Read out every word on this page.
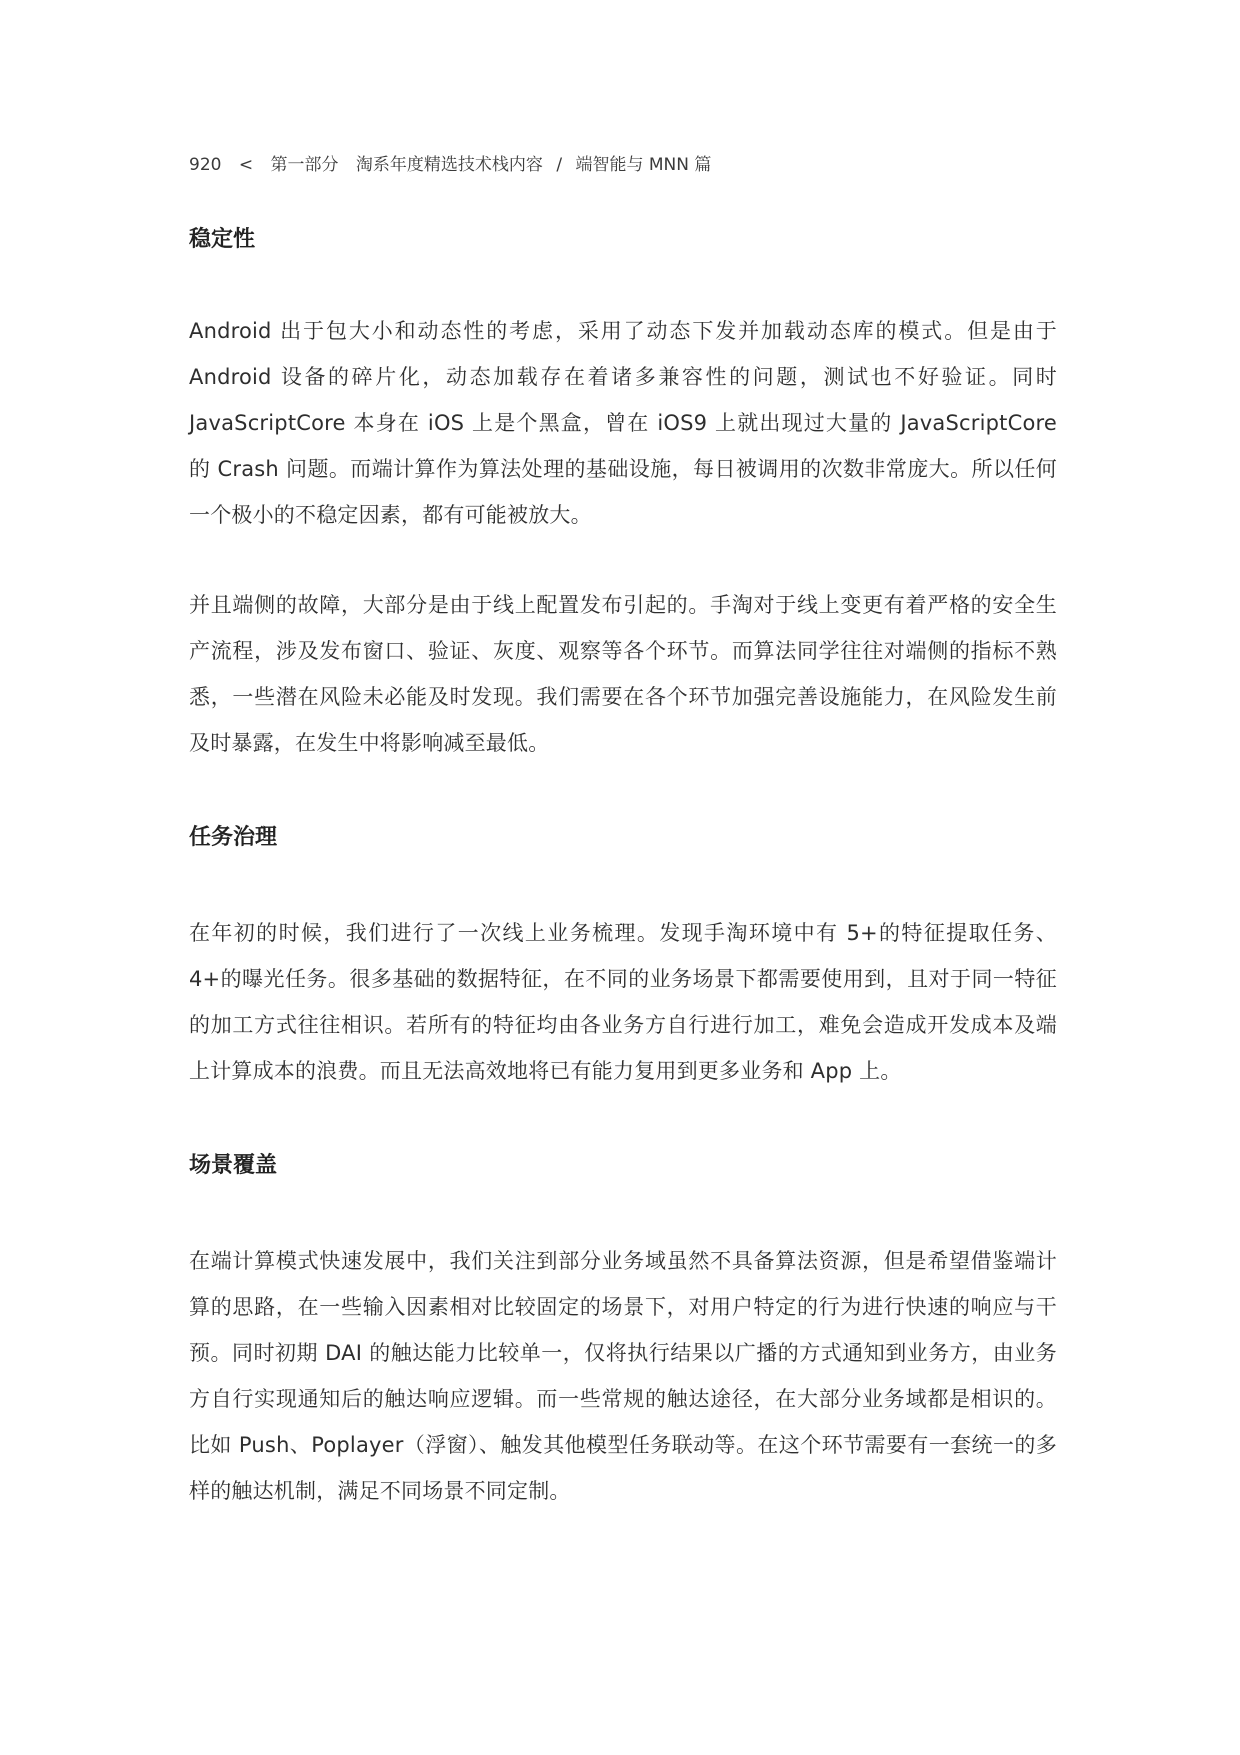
920 < 第一部分 淘系年度精选技术栈内容 / 端智能与 MNN 篇
稳定性

Android 出于包大小和动态性的考虑，采用了动态下发并加载动态库的模式。但是由于 Android 设备的碎片化，动态加载存在着诸多兼容性的问题，测试也不好验证。同时 JavaScriptCore 本身在 iOS 上是个黑盒，曾在 iOS9 上就出现过大量的 JavaScriptCore 的 Crash 问题。而端计算作为算法处理的基础设施，每日被调用的次数非常庞大。所以任何一个极小的不稳定因素，都有可能被放大。

并且端侧的故障，大部分是由于线上配置发布引起的。手淘对于线上变更有着严格的安全生产流程，涉及发布窗口、验证、灰度、观察等各个环节。而算法同学往往对端侧的指标不熟悉，一些潜在风险未必能及时发现。我们需要在各个环节加强完善设施能力，在风险发生前及时暴露，在发生中将影响减至最低。

任务治理

在年初的时候，我们进行了一次线上业务梳理。发现手淘环境中有 5+的特征提取任务、4+的曝光任务。很多基础的数据特征，在不同的业务场景下都需要使用到，且对于同一特征的加工方式往往相识。若所有的特征均由各业务方自行进行加工，难免会造成开发成本及端上计算成本的浪费。而且无法高效地将已有能力复用到更多业务和 App 上。

场景覆盖

在端计算模式快速发展中，我们关注到部分业务域虽然不具备算法资源，但是希望借鉴端计算的思路，在一些输入因素相对比较固定的场景下，对用户特定的行为进行快速的响应与干预。同时初期 DAI 的触达能力比较单一，仅将执行结果以广播的方式通知到业务方，由业务方自行实现通知后的触达响应逻辑。而一些常规的触达途径，在大部分业务域都是相识的。比如 Push、Poplayer（浮窗）、触发其他模型任务联动等。在这个环节需要有一套统一的多样的触达机制，满足不同场景不同定制。
